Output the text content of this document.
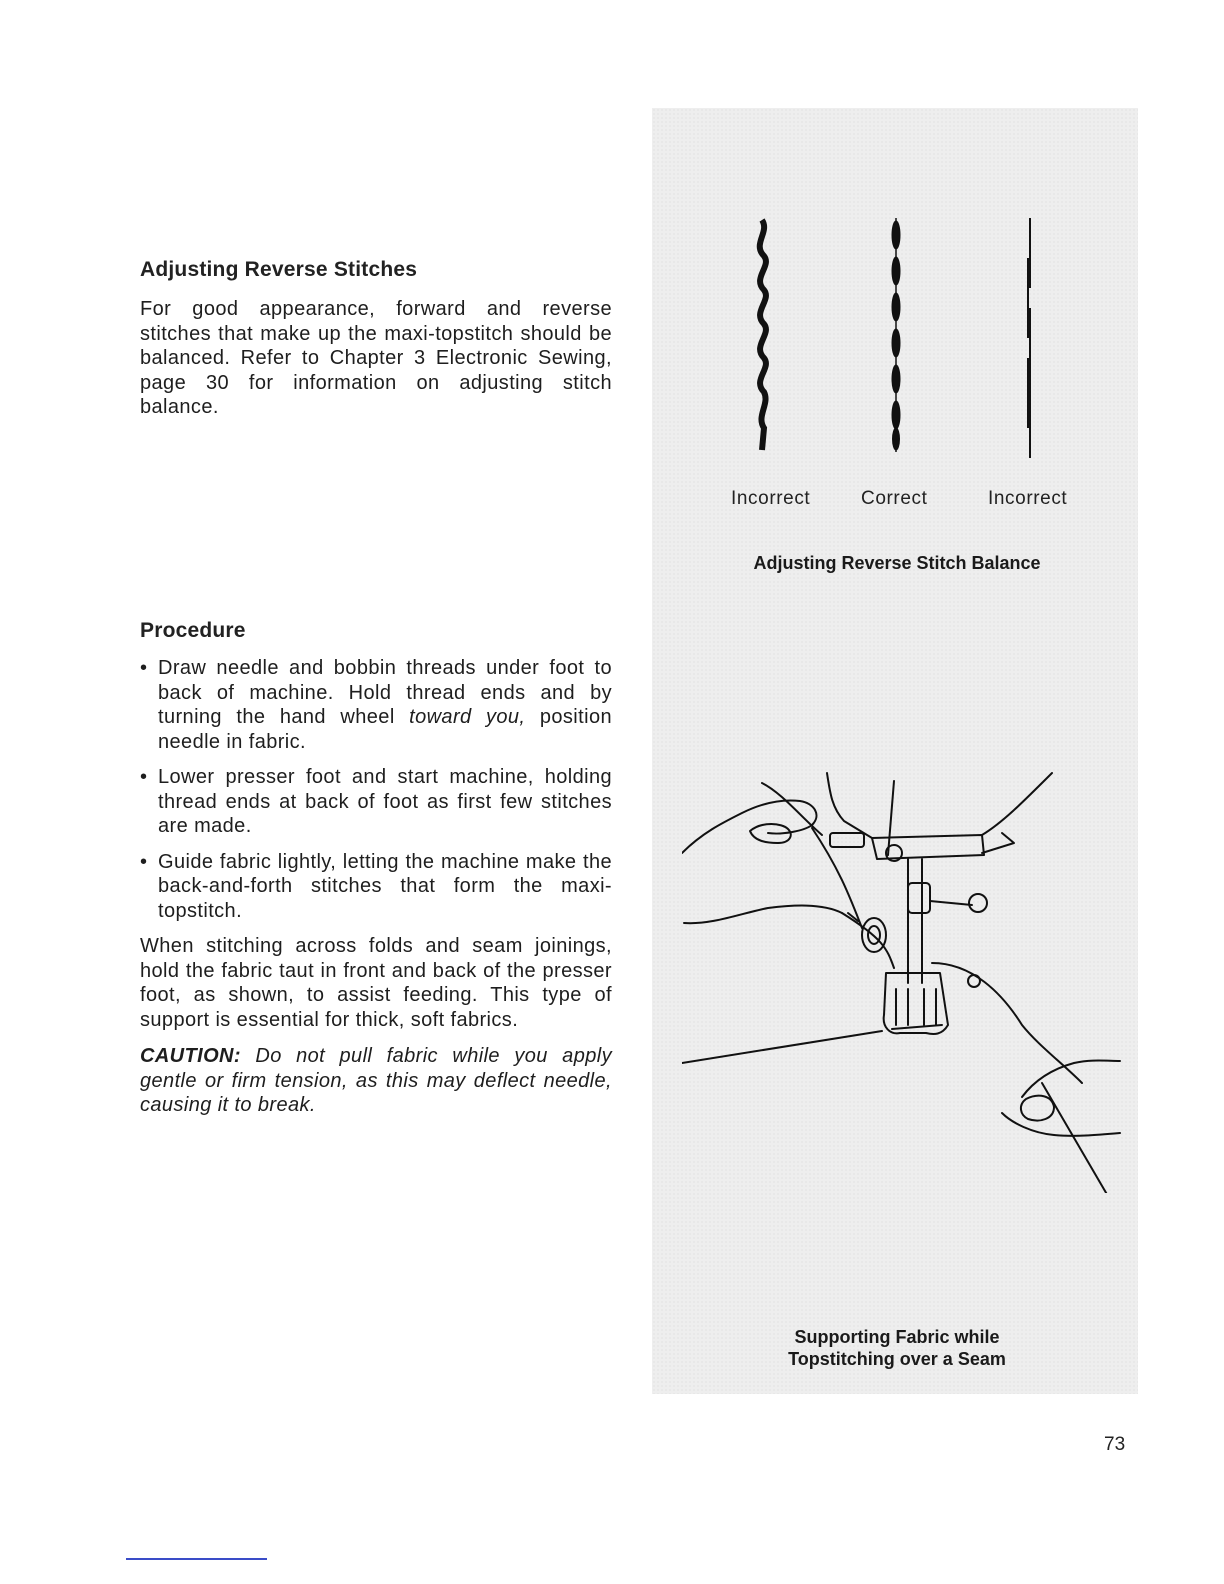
Adjusting Reverse Stitches

For good appearance, forward and reverse stitches that make up the maxi-topstitch should be balanced. Refer to Chapter 3 Electronic Sewing, page 30 for information on adjusting stitch balance.

Procedure
• Draw needle and bobbin threads under foot to back of machine. Hold thread ends and by turning the hand wheel toward you, position needle in fabric.
• Lower presser foot and start machine, holding thread ends at back of foot as first few stitches are made.
• Guide fabric lightly, letting the machine make the back-and-forth stitches that form the maxi-topstitch.

When stitching across folds and seam joinings, hold the fabric taut in front and back of the presser foot, as shown, to assist feeding. This type of support is essential for thick, soft fabrics.

CAUTION: Do not pull fabric while you apply gentle or firm tension, as this may deflect needle, causing it to break.

Incorrect	Correct	Incorrect
Adjusting Reverse Stitch Balance
Supporting Fabric while
Topstitching over a Seam
73
